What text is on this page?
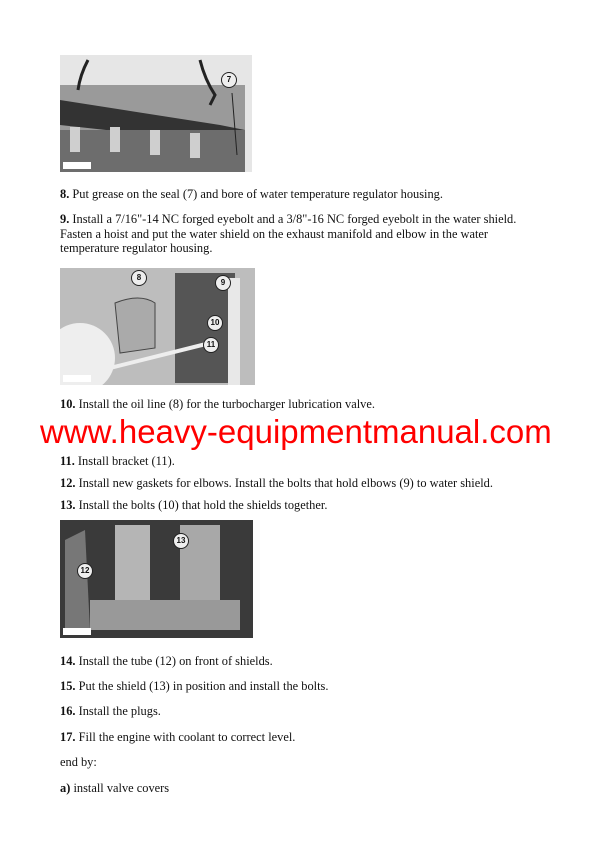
7
8. Put grease on the seal (7) and bore of water temperature regulator housing.
9. Install a 7/16"-14 NC forged eyebolt and a 3/8"-16 NC forged eyebolt in the water shield.
Fasten a hoist and put the water shield on the exhaust manifold and elbow in the water
temperature regulator housing.
8
9
10
11
10. Install the oil line (8) for the turbocharger lubrication valve.
www.heavy-equipmentmanual.com
11. Install bracket (11).
12. Install new gaskets for elbows. Install the bolts that hold elbows (9) to water shield.
13. Install the bolts (10) that hold the shields together.
12
13
14. Install the tube (12) on front of shields.
15. Put the shield (13) in position and install the bolts.
16. Install the plugs.
17. Fill the engine with coolant to correct level.
end by:
a) install valve covers
